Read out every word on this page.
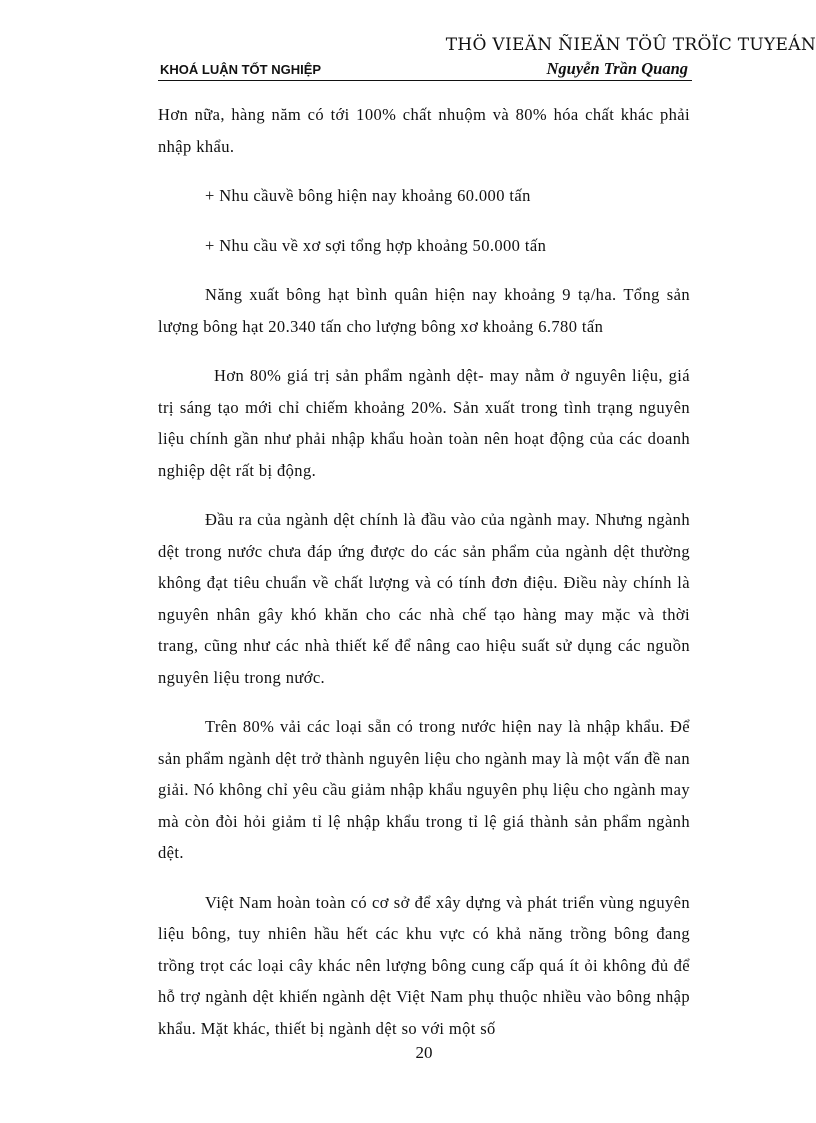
THÖ VIEÄN ÑIEÄN TÖÛ TRÖÏC TUYEÁN
KHOÁ LUẬN TỐT NGHIỆP	Nguyễn Trần Quang

Hơn nữa, hàng năm có tới 100% chất nhuộm và 80% hóa chất khác phải nhập khẩu.

+ Nhu cầuvề bông hiện nay khoảng 60.000 tấn

+ Nhu cầu về xơ sợi tổng hợp khoảng 50.000 tấn

Năng xuất bông hạt bình quân hiện nay khoảng 9 tạ/ha. Tổng sản lượng bông hạt 20.340 tấn cho lượng bông xơ khoảng 6.780 tấn

Hơn 80% giá trị sản phẩm ngành dệt- may nằm ở nguyên liệu, giá trị sáng tạo mới chỉ chiếm khoảng 20%. Sản xuất trong tình trạng nguyên liệu chính gần như phải nhập khẩu hoàn toàn nên hoạt động của các doanh nghiệp dệt rất bị động.

Đầu ra của ngành dệt chính là đầu vào của ngành may. Nhưng ngành dệt trong nước chưa đáp ứng được do các sản phẩm của ngành dệt thường không đạt tiêu chuẩn về chất lượng và có tính đơn điệu. Điều này chính là nguyên nhân gây khó khăn cho các nhà chế tạo hàng may mặc và thời trang, cũng như các nhà thiết kế để nâng cao hiệu suất sử dụng các nguồn nguyên liệu trong nước.

Trên 80% vải các loại sẵn có trong nước hiện nay là nhập khẩu. Để sản phẩm ngành dệt trở thành nguyên liệu cho ngành may là một vấn đề nan giải. Nó không chỉ yêu cầu giảm nhập khẩu nguyên phụ liệu cho ngành may mà còn đòi hỏi giảm tỉ lệ nhập khẩu trong tỉ lệ giá thành sản phẩm ngành dệt.

Việt Nam hoàn toàn có cơ sở để xây dựng và phát triển vùng nguyên liệu bông, tuy nhiên hầu hết các khu vực có khả năng trồng bông đang trồng trọt các loại cây khác nên lượng bông cung cấp quá ít ỏi không đủ để hỗ trợ ngành dệt khiến ngành dệt Việt Nam phụ thuộc nhiều vào bông nhập khẩu. Mặt khác, thiết bị ngành dệt so với một số

20
